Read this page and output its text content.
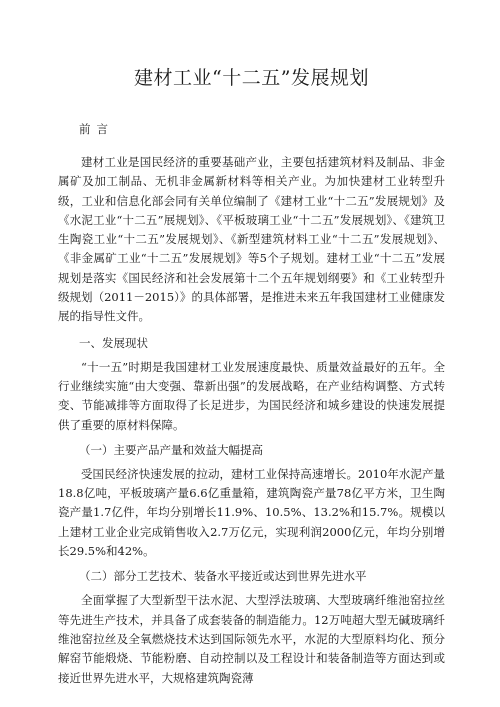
建材工业“十二五”发展规划
前言

建材工业是国民经济的重要基础产业，主要包括建筑材料及制品、非金属矿及加工制品、无机非金属新材料等相关产业。为加快建材工业转型升级，工业和信息化部会同有关单位编制了《建材工业“十二五”发展规划》及《水泥工业“十二五”展规划》、《平板玻璃工业“十二五”发展规划》、《建筑卫生陶瓷工业“十二五”发展规划》、《新型建筑材料工业“十二五”发展规划》、《非金属矿工业“十二五”发展规划》等5个子规划。建材工业“十二五”发展规划是落实《国民经济和社会发展第十二个五年规划纲要》和《工业转型升级规划（2011－2015）》的具体部署，是推进未来五年我国建材工业健康发展的指导性文件。

一、发展现状

“十一五”时期是我国建材工业发展速度最快、质量效益最好的五年。全行业继续实施“由大变强、靠新出强”的发展战略，在产业结构调整、方式转变、节能减排等方面取得了长足进步，为国民经济和城乡建设的快速发展提供了重要的原材料保障。

（一）主要产品产量和效益大幅提高

受国民经济快速发展的拉动，建材工业保持高速增长。2010年水泥产量18.8亿吨，平板玻璃产量6.6亿重量箱，建筑陶瓷产量78亿平方米，卫生陶瓷产量1.7亿件，年均分别增长11.9%、10.5%、13.2%和15.7%。规模以上建材工业企业完成销售收入2.7万亿元，实现利润2000亿元，年均分别增长29.5%和42%。

（二）部分工艺技术、装备水平接近或达到世界先进水平

全面掌握了大型新型干法水泥、大型浮法玻璃、大型玻璃纤维池窑拉丝等先进生产技术，并具备了成套装备的制造能力。12万吨超大型无碱玻璃纤维池窑拉丝及全氧燃烧技术达到国际领先水平，水泥的大型原料均化、预分解窑节能煅烧、节能粉磨、自动控制以及工程设计和装备制造等方面达到或接近世界先进水平，大规格建筑陶瓷薄
